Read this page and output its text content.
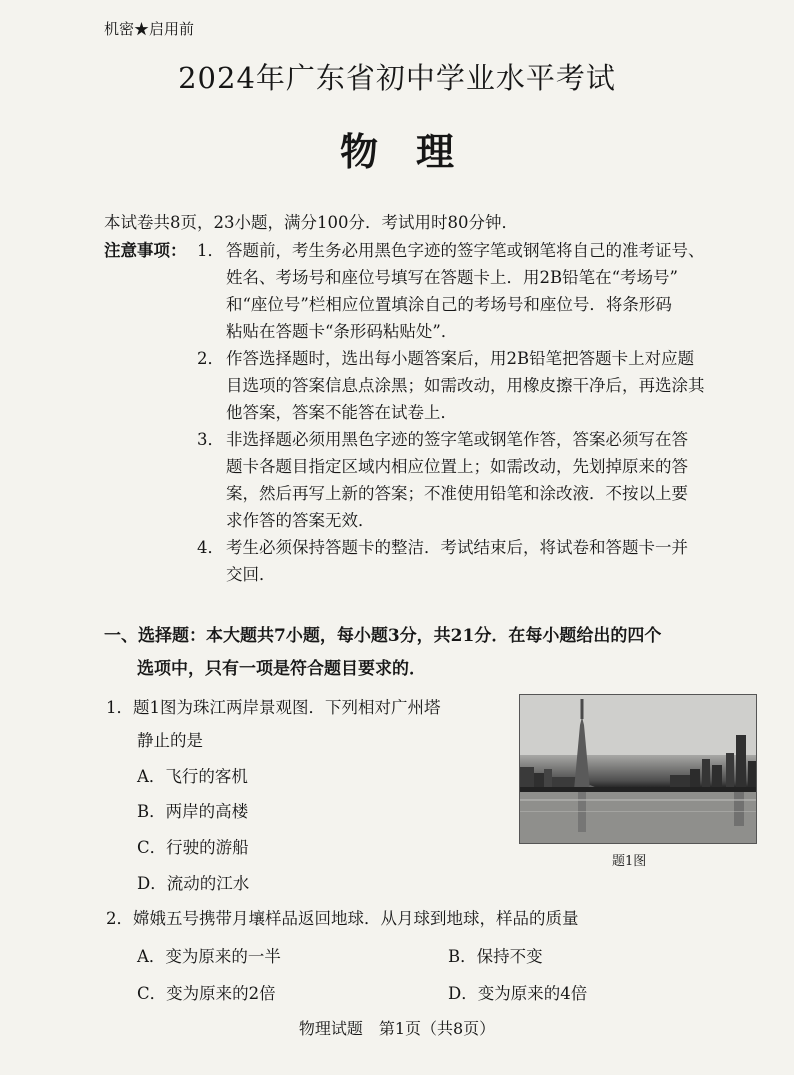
机密★启用前
2024年广东省初中学业水平考试
物理
本试卷共8页，23小题，满分100分．考试用时80分钟．
注意事项： 1． 答题前，考生务必用黑色字迹的签字笔或钢笔将自己的准考证号、
姓名、考场号和座位号填写在答题卡上．用2B铅笔在“考场号”
和“座位号”栏相应位置填涂自己的考场号和座位号．将条形码
粘贴在答题卡“条形码粘贴处”．
2． 作答选择题时，选出每小题答案后，用2B铅笔把答题卡上对应题
目选项的答案信息点涂黑；如需改动，用橡皮擦干净后，再选涂其
他答案，答案不能答在试卷上．
3． 非选择题必须用黑色字迹的签字笔或钢笔作答，答案必须写在答
题卡各题目指定区域内相应位置上；如需改动，先划掉原来的答
案，然后再写上新的答案；不准使用铅笔和涂改液．不按以上要
求作答的答案无效．
4． 考生必须保持答题卡的整洁．考试结束后，将试卷和答题卡一并
交回．
一、选择题：本大题共7小题，每小题3分，共21分．在每小题给出的四个
选项中，只有一项是符合题目要求的．
1．题1图为珠江两岸景观图．下列相对广州塔
静止的是
A．飞行的客机
B．两岸的高楼
C．行驶的游船
D．流动的江水
题1图
2．嫦娥五号携带月壤样品返回地球．从月球到地球，样品的质量
A．变为原来的一半	B．保持不变
C．变为原来的2倍	D．变为原来的4倍
物理试题　第1页（共8页）
